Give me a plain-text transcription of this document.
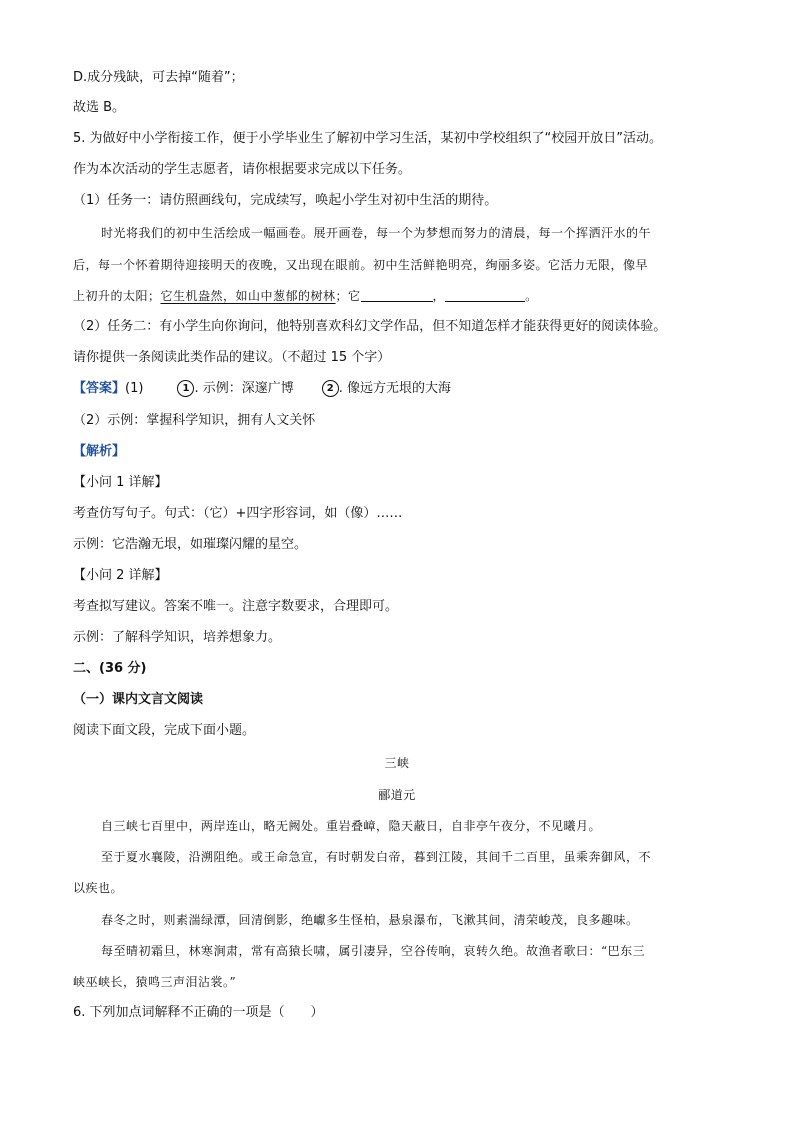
D.成分残缺，可去掉“随着”；
故选 B。
5. 为做好中小学衔接工作，便于小学毕业生了解初中学习生活，某初中学校组织了“校园开放日”活动。
作为本次活动的学生志愿者，请你根据要求完成以下任务。
（1）任务一：请仿照画线句，完成续写，唤起小学生对初中生活的期待。
时光将我们的初中生活绘成一幅画卷。展开画卷，每一个为梦想而努力的清晨，每一个挥洒汗水的午
后，每一个怀着期待迎接明天的夜晚，又出现在眼前。初中生活鲜艳明亮，绚丽多姿。它活力无限，像早
上初升的太阳；它生机盎然，如山中葱郁的树林；它	，	。
（2）任务二：有小学生向你询问，他特别喜欢科幻文学作品，但不知道怎样才能获得更好的阅读体验。
请你提供一条阅读此类作品的建议。（不超过 15 个字）
【答案】(1)	1 . 示例：深邃广博	2 . 像远方无垠的大海
（2）示例：掌握科学知识，拥有人文关怀
【解析】
【小问 1 详解】
考查仿写句子。句式：（它）+四字形容词，如（像）……
示例：它浩瀚无垠，如璀璨闪耀的星空。
【小问 2 详解】
考查拟写建议。答案不唯一。注意字数要求，合理即可。
示例：了解科学知识，培养想象力。
二、(36 分)
（一）课内文言文阅读
阅读下面文段，完成下面小题。
三峡
郦道元
自三峡七百里中，两岸连山，略无阙处。重岩叠嶂，隐天蔽日，自非亭午夜分，不见曦月。
至于夏水襄陵，沿溯阻绝。或王命急宣，有时朝发白帝，暮到江陵，其间千二百里，虽乘奔御风，不
以疾也。
春冬之时，则素湍绿潭，回清倒影，绝巘多生怪柏，悬泉瀑布，飞漱其间，清荣峻茂，良多趣味。
每至晴初霜旦，林寒涧肃，常有高猿长啸，属引凄异，空谷传响，哀转久绝。故渔者歌曰：“巴东三
峡巫峡长，猿鸣三声泪沾裳。”
6. 下列加点词解释不正确的一项是（　　）
